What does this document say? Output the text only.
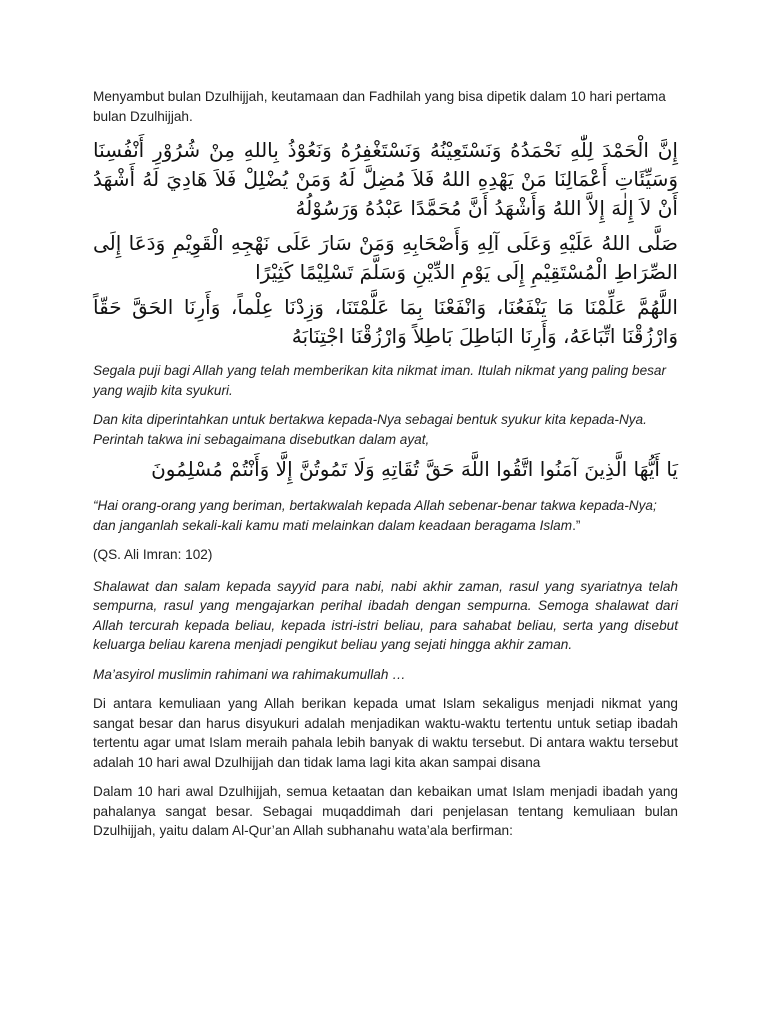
Menyambut bulan Dzulhijjah, keutamaan dan Fadhilah yang bisa dipetik dalam 10 hari pertama bulan Dzulhijjah.

إِنَّ الْحَمْدَ لِلّٰهِ نَحْمَدُهُ وَنَسْتَعِيْنُهُ وَنَسْتَغْفِرُهُ وَنَعُوْذُ بِاللهِ مِنْ شُرُوْرِ أَنْفُسِنَا وَسَيِّئَاتِ أَعْمَالِنَا مَنْ يَهْدِهِ اللهُ فَلاَ مُضِلَّ لَهُ وَمَنْ يُضْلِلْ فَلاَ هَادِيَ لَهُ أَشْهَدُ أَنْ لاَ إِلٰهَ إِلاَّ اللهُ وَأَشْهَدُ أَنَّ مُحَمَّدًا عَبْدُهُ وَرَسُوْلُهُ

صَلَّى اللهُ عَلَيْهِ وَعَلَى آلِهِ وَأَصْحَابِهِ وَمَنْ سَارَ عَلَى نَهْجِهِ الْقَوِيْمِ وَدَعَا إِلَى الصِّرَاطِ الْمُسْتَقِيْمِ إِلَى يَوْمِ الدِّيْنِ وَسَلَّمَ تَسْلِيْمًا كَثِيْرًا

اللَّهُمَّ عَلِّمْنَا مَا يَنْفَعُنَا، وَانْفَعْنَا بِمَا عَلَّمْتَنَا، وَزِدْنَا عِلْماً، وَأَرِنَا الحَقَّ حَقّاً وَارْزُقْنَا اتِّبَاعَهُ، وَأَرِنَا البَاطِلَ بَاطِلاً وَارْزُقْنَا اجْتِنَابَهُ

Segala puji bagi Allah yang telah memberikan kita nikmat iman. Itulah nikmat yang paling besar yang wajib kita syukuri.

Dan kita diperintahkan untuk bertakwa kepada-Nya sebagai bentuk syukur kita kepada-Nya. Perintah takwa ini sebagaimana disebutkan dalam ayat,

يَا أَيُّهَا الَّذِينَ آمَنُوا اتَّقُوا اللَّهَ حَقَّ تُقَاتِهِ وَلَا تَمُوتُنَّ إِلَّا وَأَنْتُمْ مُسْلِمُونَ

“Hai orang-orang yang beriman, bertakwalah kepada Allah sebenar-benar takwa kepada-Nya; dan janganlah sekali-kali kamu mati melainkan dalam keadaan beragama Islam.”

(QS. Ali Imran: 102)

Shalawat dan salam kepada sayyid para nabi, nabi akhir zaman, rasul yang syariatnya telah sempurna, rasul yang mengajarkan perihal ibadah dengan sempurna. Semoga shalawat dari Allah tercurah kepada beliau, kepada istri-istri beliau, para sahabat beliau, serta yang disebut keluarga beliau karena menjadi pengikut beliau yang sejati hingga akhir zaman.

Ma’asyirol muslimin rahimani wa rahimakumullah …

Di antara kemuliaan yang Allah berikan kepada umat Islam sekaligus menjadi nikmat yang sangat besar dan harus disyukuri adalah menjadikan waktu-waktu tertentu untuk setiap ibadah tertentu agar umat Islam meraih pahala lebih banyak di waktu tersebut. Di antara waktu tersebut adalah 10 hari awal Dzulhijjah dan tidak lama lagi kita akan sampai disana

Dalam 10 hari awal Dzulhijjah, semua ketaatan dan kebaikan umat Islam menjadi ibadah yang pahalanya sangat besar. Sebagai muqaddimah dari penjelasan tentang kemuliaan bulan Dzulhijjah, yaitu dalam Al-Qur’an Allah subhanahu wata’ala berfirman:
